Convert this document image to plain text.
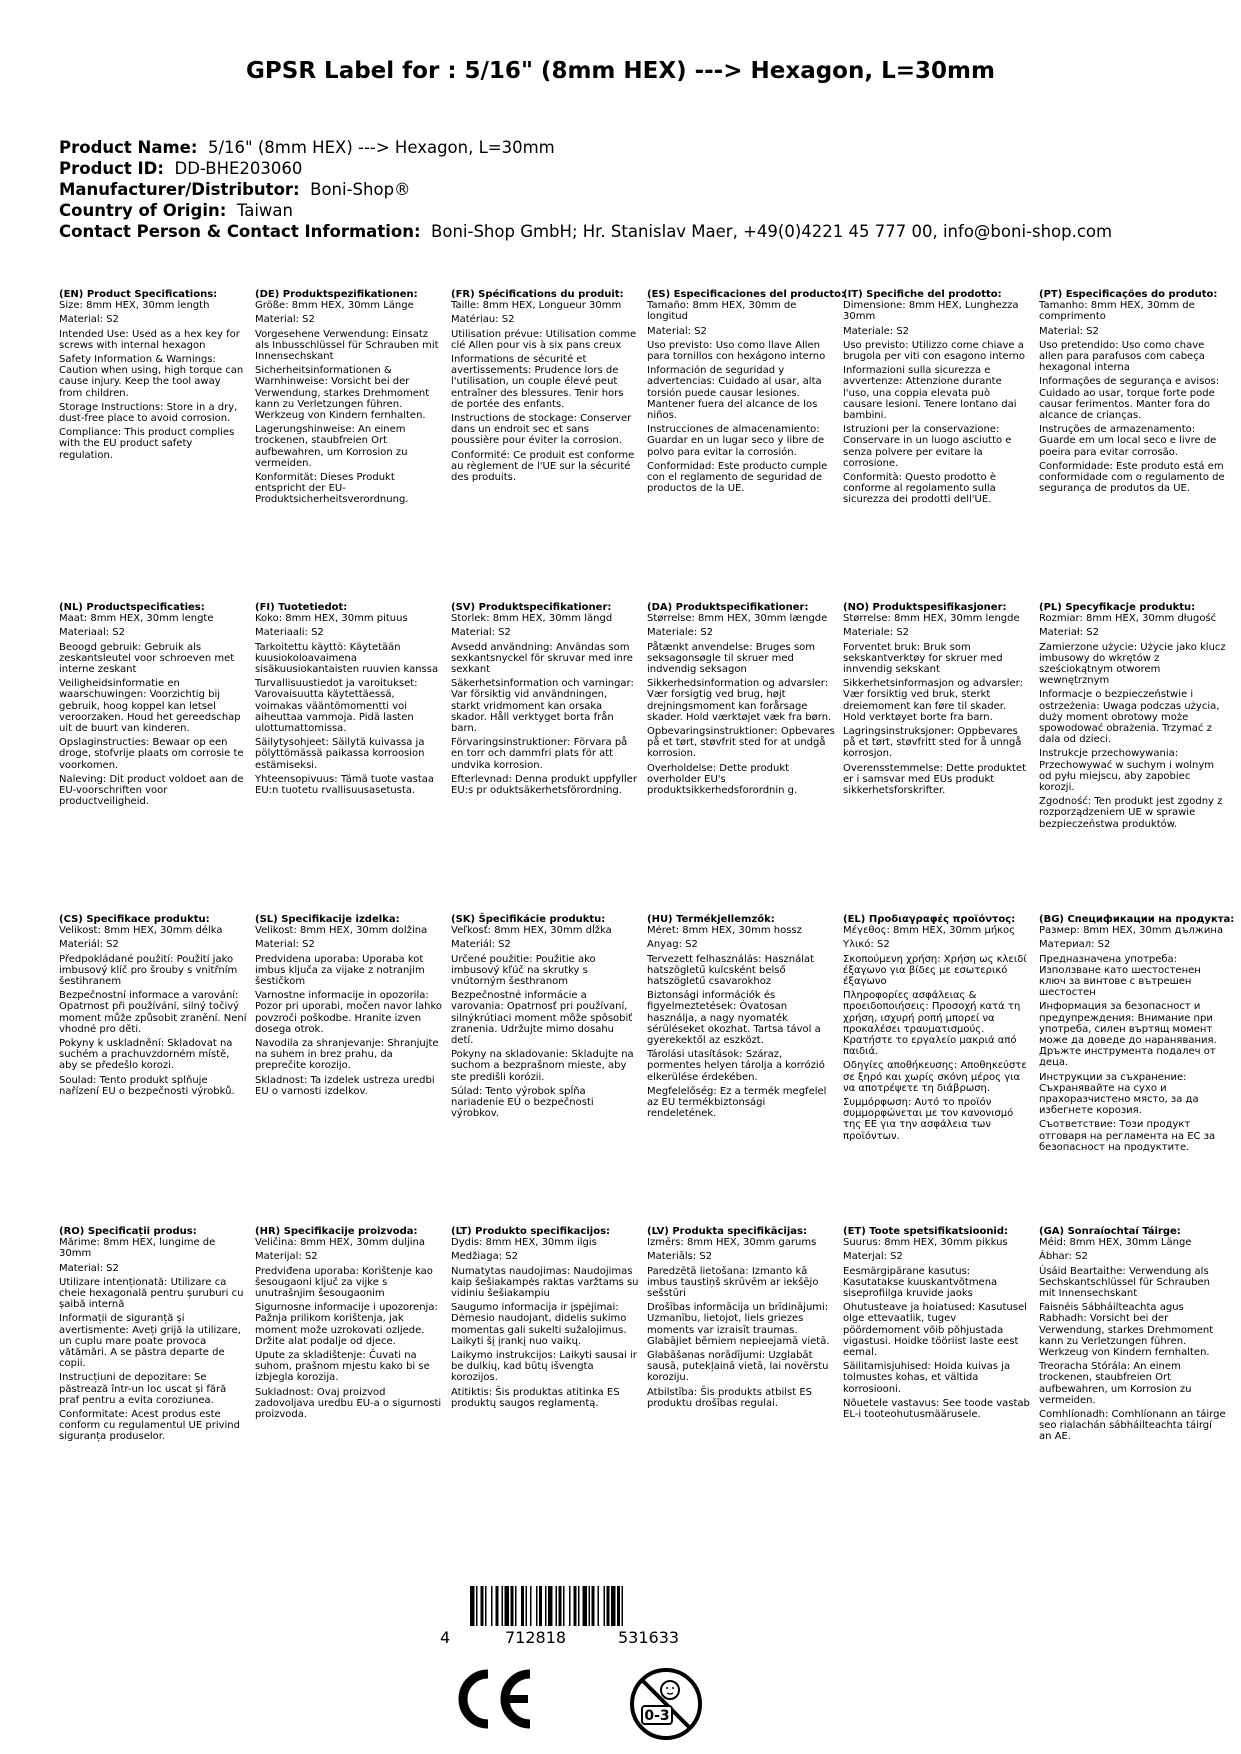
GPSR Label for : 5/16" (8mm HEX) ---> Hexagon, L=30mm
Product Name: 5/16" (8mm HEX) ---> Hexagon, L=30mm
Product ID: DD-BHE203060
Manufacturer/Distributor: Boni-Shop®
Country of Origin: Taiwan
Contact Person & Contact Information: Boni-Shop GmbH; Hr. Stanislav Maer, +49(0)4221 45 777 00, info@boni-shop.com
(EN) Product Specifications:

Size: 8mm HEX, 30mm length

Material: S2

Intended Use: Used as a hex key for screws with internal hexagon

Safety Information & Warnings: Caution when using, high torque can cause injury. Keep the tool away from children.

Storage Instructions: Store in a dry, dust-free place to avoid corrosion.

Compliance: This product complies with the EU product safety regulation.

(DE) Produktspezifikationen:

Größe: 8mm HEX, 30mm Länge

Material: S2

Vorgesehene Verwendung: Einsatz als Inbusschlüssel für Schrauben mit Innensechskant

Sicherheitsinformationen & Warnhinweise: Vorsicht bei der Verwendung, starkes Drehmoment kann zu Verletzungen führen. Werkzeug von Kindern fernhalten.

Lagerungshinweise: An einem trockenen, staubfreien Ort aufbewahren, um Korrosion zu vermeiden.

Konformität: Dieses Produkt entspricht der EU-Produktsicherheitsverordnung.

(FR) Spécifications du produit:

Taille: 8mm HEX, Longueur 30mm

Matériau: S2

Utilisation prévue: Utilisation comme clé Allen pour vis à six pans creux

Informations de sécurité et avertissements: Prudence lors de l'utilisation, un couple élevé peut entraîner des blessures. Tenir hors de portée des enfants.

Instructions de stockage: Conserver dans un endroit sec et sans poussière pour éviter la corrosion.

Conformité: Ce produit est conforme au règlement de l'UE sur la sécurité des produits.

(ES) Especificaciones del producto:

Tamaño: 8mm HEX, 30mm de longitud

Material: S2

Uso previsto: Uso como llave Allen para tornillos con hexágono interno

Información de seguridad y advertencias: Cuidado al usar, alta torsión puede causar lesiones. Mantener fuera del alcance de los niños.

Instrucciones de almacenamiento: Guardar en un lugar seco y libre de polvo para evitar la corrosión.

Conformidad: Este producto cumple con el reglamento de seguridad de productos de la UE.

(IT) Specifiche del prodotto:

Dimensione: 8mm HEX, Lunghezza 30mm

Materiale: S2

Uso previsto: Utilizzo come chiave a brugola per viti con esagono interno

Informazioni sulla sicurezza e avvertenze: Attenzione durante l'uso, una coppia elevata può causare lesioni. Tenere lontano dai bambini.

Istruzioni per la conservazione: Conservare in un luogo asciutto e senza polvere per evitare la corrosione.

Conformità: Questo prodotto è conforme al regolamento sulla sicurezza dei prodotti dell'UE.

(PT) Especificações do produto:

Tamanho: 8mm HEX, 30mm de comprimento

Material: S2

Uso pretendido: Uso como chave allen para parafusos com cabeça hexagonal interna

Informações de segurança e avisos: Cuidado ao usar, torque forte pode causar ferimentos. Manter fora do alcance de crianças.

Instruções de armazenamento: Guarde em um local seco e livre de poeira para evitar corrosão.

Conformidade: Este produto está em conformidade com o regulamento de segurança de produtos da UE.

(NL) Productspecificaties:

Maat: 8mm HEX, 30mm lengte

Materiaal: S2

Beoogd gebruik: Gebruik als zeskantsleutel voor schroeven met interne zeskant

Veiligheidsinformatie en waarschuwingen: Voorzichtig bij gebruik, hoog koppel kan letsel veroorzaken. Houd het gereedschap uit de buurt van kinderen.

Opslaginstructies: Bewaar op een droge, stofvrije plaats om corrosie te voorkomen.

Naleving: Dit product voldoet aan de EU-voorschriften voor productveiligheid.

(FI) Tuotetiedot:

Koko: 8mm HEX, 30mm pituus

Materiaali: S2

Tarkoitettu käyttö: Käytetään kuusiokoloavaimena sisäkuusiokantaisten ruuvien kanssa

Turvallisuustiedot ja varoitukset: Varovaisuutta käytettäessä, voimakas vääntömomentti voi aiheuttaa vammoja. Pidä lasten ulottumattomissa.

Säilytysohjeet: Säilytä kuivassa ja pölyttömässä paikassa korroosion estämiseksi.

Yhteensopivuus: Tämä tuote vastaa EU:n tuotetu rvallisuusasetusta.

(SV) Produktspecifikationer:

Storlek: 8mm HEX, 30mm längd

Material: S2

Avsedd användning: Användas som sexkantsnyckel för skruvar med inre sexkant

Säkerhetsinformation och varningar: Var försiktig vid användningen, starkt vridmoment kan orsaka skador. Håll verktyget borta från barn.

Förvaringsinstruktioner: Förvara på en torr och dammfri plats för att undvika korrosion.

Efterlevnad: Denna produkt uppfyller EU:s pr oduktsäkerhetsförordning.

(DA) Produktspecifikationer:

Størrelse: 8mm HEX, 30mm længde

Materiale: S2

Påtænkt anvendelse: Bruges som seksagonsøgle til skruer med indvendig seksagon

Sikkerhedsinformation og advarsler: Vær forsigtig ved brug, højt drejningsmoment kan forårsage skader. Hold værktøjet væk fra børn.

Opbevaringsinstruktioner: Opbevares på et tørt, støvfrit sted for at undgå korrosion.

Overholdelse: Dette produkt overholder EU's produktsikkerhedsforordnin g.

(NO) Produktspesifikasjoner:

Størrelse: 8mm HEX, 30mm lengde

Materiale: S2

Forventet bruk: Bruk som sekskantverktøy for skruer med innvendig sekskant

Sikkerhetsinformasjon og advarsler: Vær forsiktig ved bruk, sterkt dreiemoment kan føre til skader. Hold verktøyet borte fra barn.

Lagringsinstruksjoner: Oppbevares på et tørt, støvfritt sted for å unngå korrosjon.

Overensstemmelse: Dette produktet er i samsvar med EUs produkt sikkerhetsforskrifter.

(PL) Specyfikacje produktu:

Rozmiar: 8mm HEX, 30mm długość

Materiał: S2

Zamierzone użycie: Użycie jako klucz imbusowy do wkrętów z sześciokątnym otworem wewnętrznym

Informacje o bezpieczeństwie i ostrzeżenia: Uwaga podczas użycia, duży moment obrotowy może spowodować obrażenia. Trzymać z dala od dzieci.

Instrukcje przechowywania: Przechowywać w suchym i wolnym od pyłu miejscu, aby zapobiec korozji.

Zgodność: Ten produkt jest zgodny z rozporządzeniem UE w sprawie bezpieczeństwa produktów.

(CS) Specifikace produktu:

Velikost: 8mm HEX, 30mm délka

Materiál: S2

Předpokládané použití: Použití jako imbusový klíč pro šrouby s vnitřním šestihranem

Bezpečnostní informace a varování: Opatrnost při používání, silný točivý moment může způsobit zranění. Není vhodné pro děti.

Pokyny k uskladnění: Skladovat na suchém a prachuvzdorném místě, aby se předešlo korozi.

Soulad: Tento produkt splňuje nařízení EU o bezpečnosti výrobků.

(SL) Specifikacije izdelka:

Velikost: 8mm HEX, 30mm dolžina

Material: S2

Predvidena uporaba: Uporaba kot imbus ključa za vijake z notranjim šestičkom

Varnostne informacije in opozorila: Pozor pri uporabi, močen navor lahko povzroči poškodbe. Hranite izven dosega otrok.

Navodila za shranjevanje: Shranjujte na suhem in brez prahu, da preprečite korozijo.

Skladnost: Ta izdelek ustreza uredbi EU o varnosti izdelkov.

(SK) Špecifikácie produktu:

Veľkosť: 8mm HEX, 30mm dĺžka

Materiál: S2

Určené použitie: Použitie ako imbusový kľúč na skrutky s vnútorným šesthranom

Bezpečnostné informácie a varovania: Opatrnosť pri používaní, silnýkrútiaci moment môže spôsobiť zranenia. Udržujte mimo dosahu detí.

Pokyny na skladovanie: Skladujte na suchom a bezprašnom mieste, aby ste predišli korózii.

Súlad: Tento výrobok spĺňa nariadenie EÚ o bezpečnosti výrobkov.

(HU) Termékjellemzők:

Méret: 8mm HEX, 30mm hossz

Anyag: S2

Tervezett felhasználás: Használat hatszögletű kulcsként belső hatszögletű csavarokhoz

Biztonsági információk és figyelmeztetések: Óvatosan használja, a nagy nyomaték sérüléseket okozhat. Tartsa távol a gyerekektől az eszközt.

Tárolási utasítások: Száraz, pormentes helyen tárolja a korrózió elkerülése érdekében.

Megfelelőség: Ez a termék megfelel az EU termékbiztonsági rendeletének.

(EL) Προδιαγραφές προϊόντος:

Μέγεθος: 8mm HEX, 30mm μήκος

Υλικό: S2

Σκοπούμενη χρήση: Χρήση ως κλειδί έξαγωνο για βίδες με εσωτερικό έξαγωνο

Πληροφορίες ασφάλειας & προειδοποιήσεις: Προσοχή κατά τη χρήση, ισχυρή ροπή μπορεί να προκαλέσει τραυματισμούς. Κρατήστε το εργαλείο μακριά από παιδιά.

Οδηγίες αποθήκευσης: Αποθηκεύστε σε ξηρό και χωρίς σκόνη μέρος για να αποτρέψετε τη διάβρωση.

Συμμόρφωση: Αυτό το προϊόν συμμορφώνεται με τον κανονισμό της ΕΕ για την ασφάλεια των προϊόντων.

(BG) Спецификации на продукта:

Размер: 8mm HEX, 30mm дължина

Материал: S2

Предназначена употреба: Използване като шестостенен ключ за винтове с вътрешен шестостен

Информация за безопасност и предупреждения: Внимание при употреба, силен въртящ момент може да доведе до наранявания. Дръжте инструмента подалеч от деца.

Инструкции за съхранение: Съхранявайте на сухо и прахоразчистено място, за да избегнете корозия.

Съответствие: Този продукт отговаря на регламента на ЕС за безопасност на продуктите.

(RO) Specificații produs:

Mărime: 8mm HEX, lungime de 30mm

Material: S2

Utilizare intenționată: Utilizare ca cheie hexagonală pentru șuruburi cu șaibă internă

Informații de siguranță și avertismente: Aveți grijă la utilizare, un cuplu mare poate provoca vătămări. A se păstra departe de copii.

Instrucțiuni de depozitare: Se păstrează într-un loc uscat și fără praf pentru a evita coroziunea.

Conformitate: Acest produs este conform cu regulamentul UE privind siguranța produselor.

(HR) Specifikacije proizvoda:

Veličina: 8mm HEX, 30mm duljina

Materijal: S2

Predviđena uporaba: Korištenje kao šesougaoni ključ za vijke s unutrašnjim šesougaonim

Sigurnosne informacije i upozorenja: Pažnja prilikom korištenja, jak moment može uzrokovati ozljede. Držite alat podalje od djece.

Upute za skladištenje: Čuvati na suhom, prašnom mjestu kako bi se izbjegla korozija.

Sukladnost: Ovaj proizvod zadovoljava uredbu EU-a o sigurnosti proizvoda.

(LT) Produkto specifikacijos:

Dydis: 8mm HEX, 30mm ilgis

Medžiaga: S2

Numatytas naudojimas: Naudojimas kaip šešiakampės raktas varžtams su vidiniu šešiakampiu

Saugumo informacija ir įspėjimai: Dėmesio naudojant, didelis sukimo momentas gali sukelti sužalojimus. Laikyti šį įrankį nuo vaikų.

Laikymo instrukcijos: Laikyti sausai ir be dulkių, kad būtų išvengta korozijos.

Atitiktis: Šis produktas atitinka ES produktų saugos reglamentą.

(LV) Produkta specifikācijas:

Izmērs: 8mm HEX, 30mm garums

Materiāls: S2

Paredzētā lietošana: Izmanto kā imbus taustiņš skrūvēm ar iekšējo sešstūri

Drošības informācija un brīdinājumi: Uzmanību, lietojot, liels griezes moments var izraisīt traumas. Glabājiet bērniem nepieejamā vietā.

Glabāšanas norādījumi: Uzglabāt sausā, putekļainā vietā, lai novērstu koroziju.

Atbilstība: Šis produkts atbilst ES produktu drošības regulai.

(ET) Toote spetsifikatsioonid:

Suurus: 8mm HEX, 30mm pikkus

Materjal: S2

Eesmärgipärane kasutus: Kasutatakse kuuskantvõtmena siseprofiilga kruvide jaoks

Ohutusteave ja hoiatused: Kasutusel olge ettevaatlik, tugev pöördemoment võib põhjustada vigastusi. Hoidke tööriist laste eest eemal.

Säilitamisjuhised: Hoida kuivas ja tolmustes kohas, et vältida korrosiooni.

Nõuetele vastavus: See toode vastab EL-i tooteohutusmäärusele.

(GA) Sonraíochtaí Táirge:

Méid: 8mm HEX, 30mm Länge

Ábhar: S2

Úsáid Beartaithe: Verwendung als Sechskantschlüssel für Schrauben mit Innensechskant

Faisnéis Sábháilteachta agus Rabhadh: Vorsicht bei der Verwendung, starkes Drehmoment kann zu Verletzungen führen. Werkzeug von Kindern fernhalten.

Treoracha Stórála: An einem trockenen, staubfreien Ort aufbewahren, um Korrosion zu vermeiden.

Comhlíonadh: Comhlíonann an táirge seo rialachán sábháilteachta táirgí an AE.

4	712818	531633
0-3
